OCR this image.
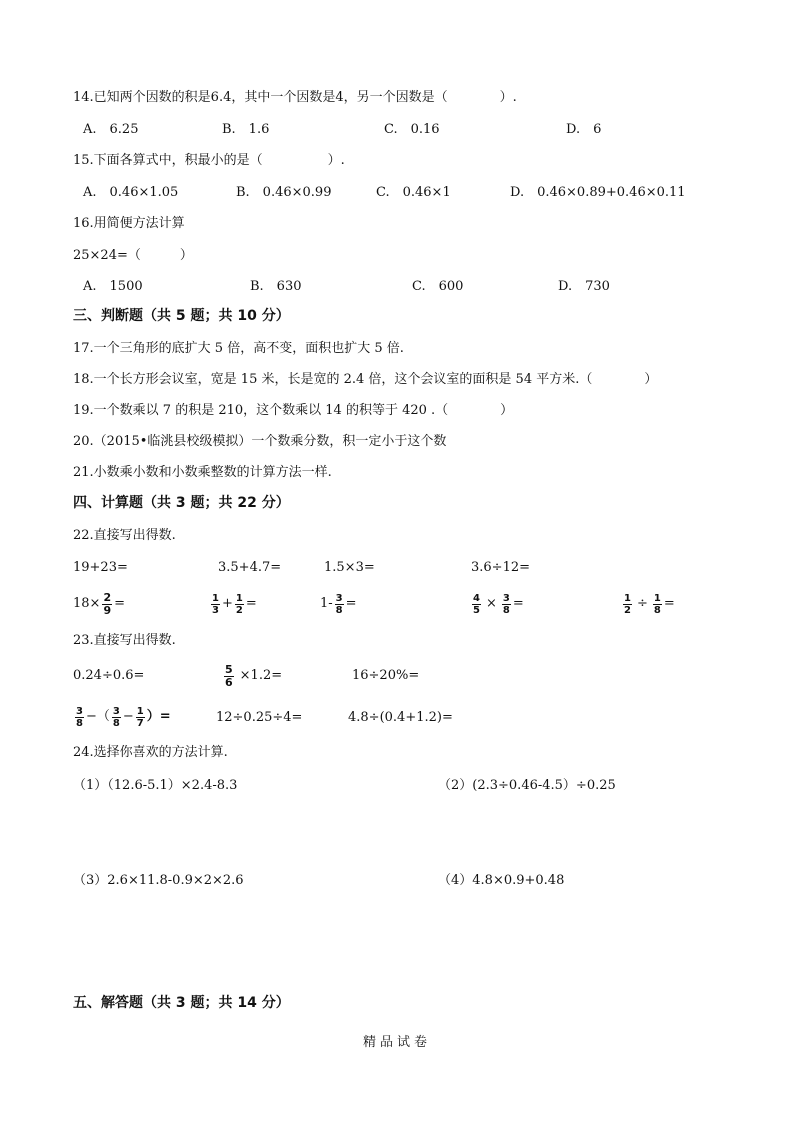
14.已知两个因数的积是6.4，其中一个因数是4，另一个因数是（　　　　）.
A.　6.25	B.　1.6	C.　0.16	D.　6
15.下面各算式中，积最小的是（　　　　　）.
A.　0.46×1.05	B.　0.46×0.99	C.　0.46×1	D.　0.46×0.89+0.46×0.11
16.用简便方法计算
25×24=（　　　）
A.　1500	B.　630	C.　600	D.　730
三、判断题（共 5 题；共 10 分）
17.一个三角形的底扩大 5 倍，高不变，面积也扩大 5 倍.
18.一个长方形会议室，宽是 15 米，长是宽的 2.4 倍，这个会议室的面积是 54 平方米.（　　　　）
19.一个数乘以 7 的积是 210，这个数乘以 14 的积等于 420 .（　　　　）
20.（2015•临洮县校级模拟）一个数乘分数，积一定小于这个数
21.小数乘小数和小数乘整数的计算方法一样.
四、计算题（共 3 题；共 22 分）
22.直接写出得数.
19+23=	3.5+4.7=	1.5×3=	3.6÷12=
$18\times \frac{2}{9}$ =	$\frac{1}{3} + \frac{1}{2}$ =	$1- \frac{3}{8}$ =	$\frac{4}{5} \times \frac{3}{8}$ =	$\frac{1}{2} \div \frac{1}{8}$ =
23.直接写出得数.
0.24÷0.6=	$\frac{5}{6} \times 1.2=$	16÷20%=
$\frac{3}{8}$ −（ $\frac{3}{8} - \frac{1}{7}$ ）=	12÷0.25÷4=	4.8÷(0.4+1.2)=
24.选择你喜欢的方法计算.
（1）（12.6-5.1）×2.4-8.3	（2）(2.3÷0.46-4.5）÷0.25
（3）2.6×11.8-0.9×2×2.6	（4）4.8×0.9+0.48
五、解答题（共 3 题；共 14 分）
精品试卷
